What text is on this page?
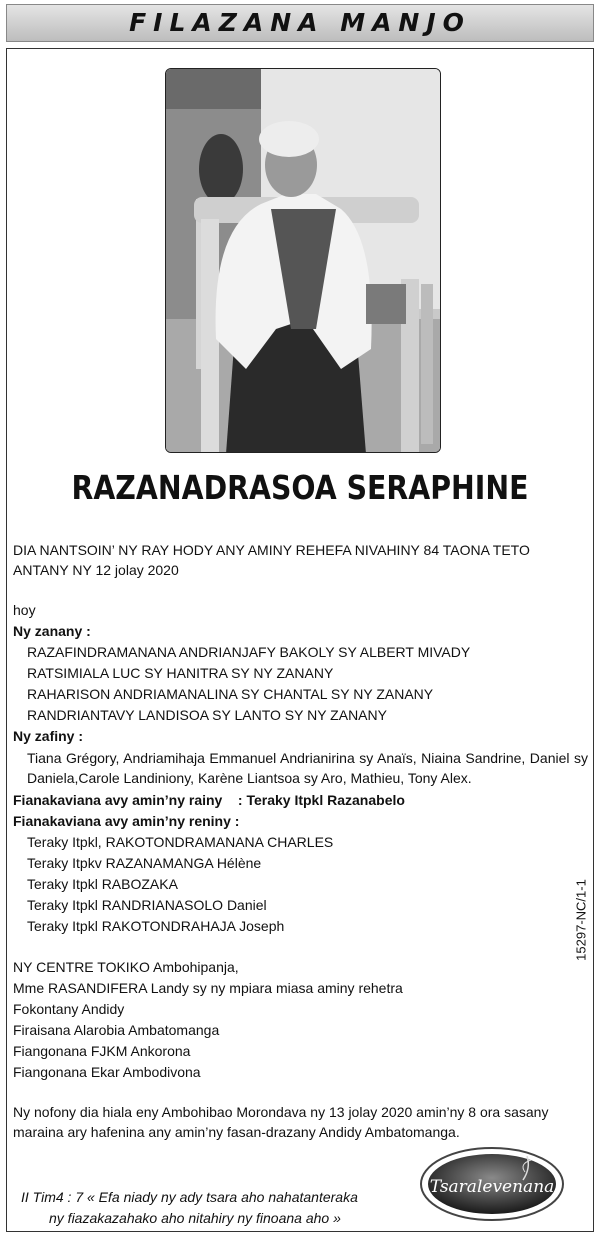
FILAZANA MANJO
RAZANADRASOA SERAPHINE
DIA NANTSOIN’ NY RAY HODY ANY AMINY REHEFA NIVAHINY 84 TAONA TETO ANTANY NY 12 jolay 2020
hoy
Ny zanany :
RAZAFINDRAMANANA ANDRIANJAFY BAKOLY SY ALBERT MIVADY
RATSIMIALA LUC SY HANITRA SY NY ZANANY
RAHARISON ANDRIAMANALINA SY CHANTAL SY NY ZANANY
RANDRIANTAVY LANDISOA SY LANTO SY NY ZANANY
Ny zafiny :
Tiana Grégory, Andriamihaja Emmanuel Andrianirina sy Anaïs, Niaina Sandrine, Daniel sy Daniela,Carole Landiniony, Karène Liantsoa sy Aro, Mathieu, Tony Alex.
Fianakaviana avy amin’ny rainy : Teraky Itpkl Razanabelo
Fianakaviana avy amin’ny reniny :
Teraky Itpkl, RAKOTONDRAMANANA CHARLES
Teraky Itpkv RAZANAMANGA Hélène
Teraky Itpkl RABOZAKA
Teraky Itpkl RANDRIANASOLO Daniel
Teraky Itpkl RAKOTONDRAHAJA Joseph
NY CENTRE TOKIKO Ambohipanja,
Mme RASANDIFERA Landy sy ny mpiara miasa aminy rehetra
Fokontany Andidy
Firaisana Alarobia Ambatomanga
Fiangonana FJKM Ankorona
Fiangonana Ekar Ambodivona
Ny nofony dia hiala eny Ambohibao Morondava ny 13 jolay 2020 amin’ny 8 ora sasany maraina ary hafenina any amin’ny fasan-drazany Andidy Ambatomanga.
15297-NC/1-1
II Tim4 : 7 « Efa niady ny ady tsara aho nahatanteraka
ny fiazakazahako aho nitahiry ny finoana aho »
Tsaralevenana
